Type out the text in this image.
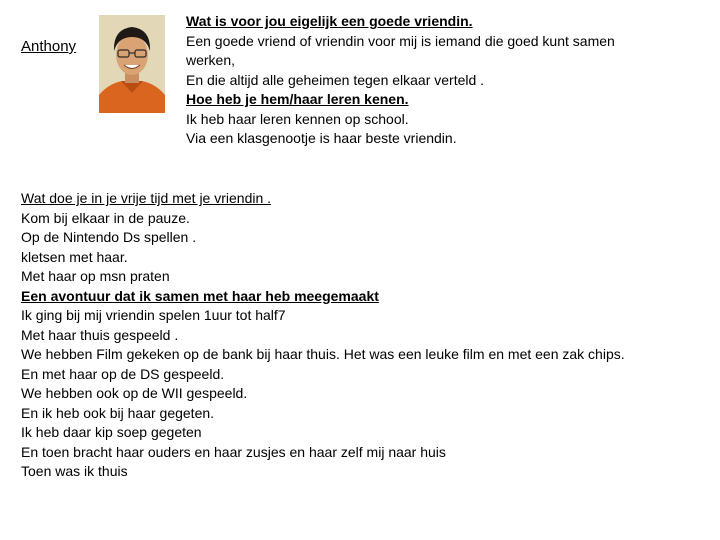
Anthony
Wat is voor jou eigelijk een goede vriendin.
Een goede vriend of vriendin voor mij is iemand die goed kunt samen
werken,
En die altijd alle geheimen tegen elkaar verteld .
Hoe heb je hem/haar leren kenen.
Ik heb haar leren kennen op school.
Via een klasgenootje is haar beste vriendin.
Wat doe je in je vrije tijd met je vriendin .
Kom bij elkaar in de pauze.
Op de Nintendo Ds spellen .
kletsen met haar.
Met haar op msn praten
Een avontuur dat ik samen met haar heb meegemaakt
Ik ging bij mij vriendin spelen 1uur tot half7
Met haar thuis gespeeld .
We hebben Film gekeken op de bank bij haar thuis. Het was een leuke film en met een zak chips.
En met haar op de DS gespeeld.
We hebben ook op de WII gespeeld.
En ik heb ook bij haar gegeten.
Ik heb daar kip soep gegeten
En toen bracht haar ouders en haar zusjes en haar zelf mij naar huis
Toen was ik thuis
